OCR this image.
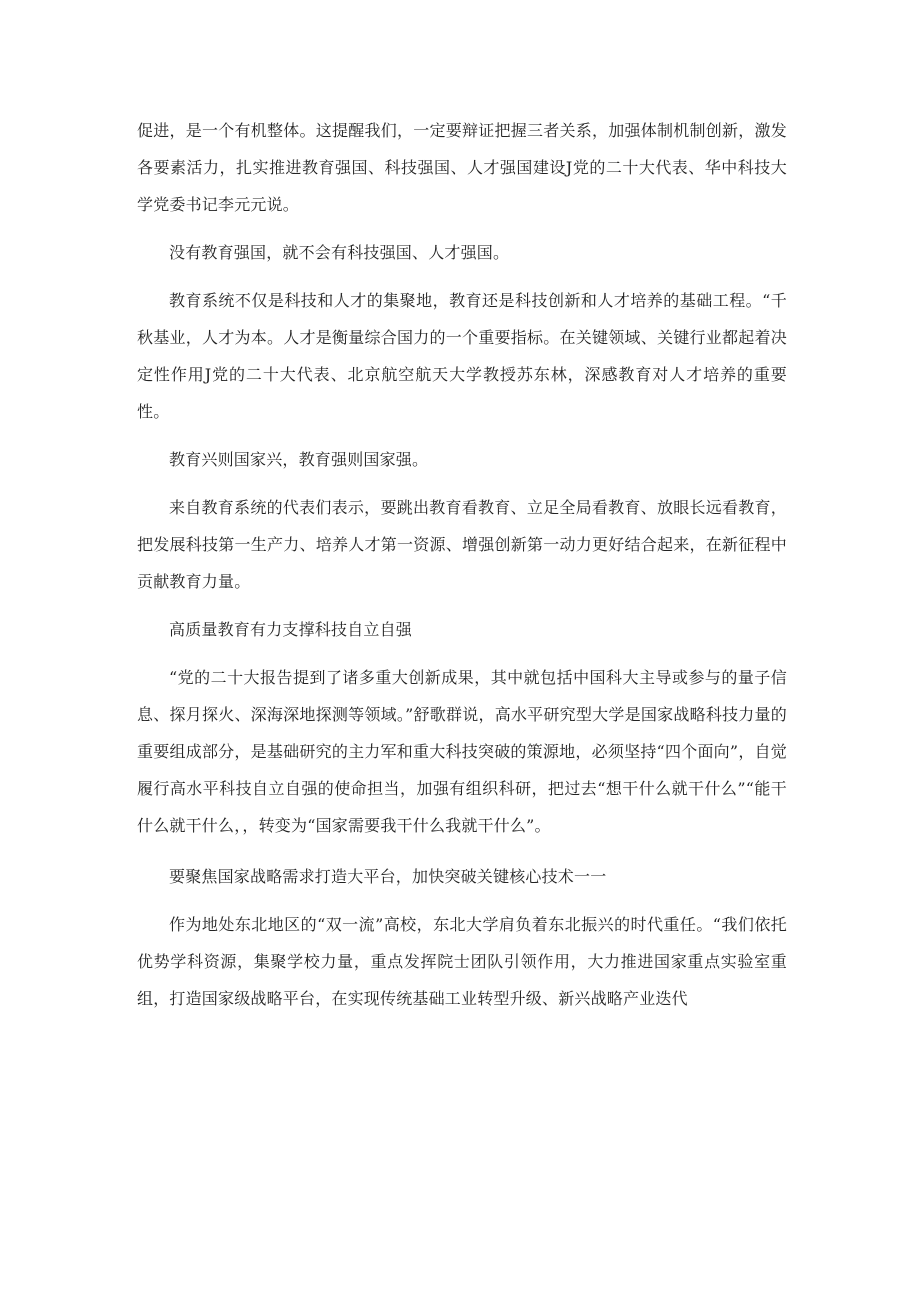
促进，是一个有机整体。这提醒我们，一定要辩证把握三者关系，加强体制机制创新，激发各要素活力，扎实推进教育强国、科技强国、人才强国建设J党的二十大代表、华中科技大学党委书记李元元说。

没有教育强国，就不会有科技强国、人才强国。

教育系统不仅是科技和人才的集聚地，教育还是科技创新和人才培养的基础工程。“千秋基业，人才为本。人才是衡量综合国力的一个重要指标。在关键领域、关键行业都起着决定性作用J党的二十大代表、北京航空航天大学教授苏东林，深感教育对人才培养的重要性。

教育兴则国家兴，教育强则国家强。

来自教育系统的代表们表示，要跳出教育看教育、立足全局看教育、放眼长远看教育，把发展科技第一生产力、培养人才第一资源、增强创新第一动力更好结合起来，在新征程中贡献教育力量。

高质量教育有力支撑科技自立自强

“党的二十大报告提到了诸多重大创新成果，其中就包括中国科大主导或参与的量子信息、探月探火、深海深地探测等领域。”舒歌群说，高水平研究型大学是国家战略科技力量的重要组成部分，是基础研究的主力军和重大科技突破的策源地，必须坚持“四个面向”，自觉履行高水平科技自立自强的使命担当，加强有组织科研，把过去“想干什么就干什么”“能干什么就干什么，，转变为“国家需要我干什么我就干什么”。

要聚焦国家战略需求打造大平台，加快突破关键核心技术一一

作为地处东北地区的“双一流”高校，东北大学肩负着东北振兴的时代重任。“我们依托优势学科资源，集聚学校力量，重点发挥院士团队引领作用，大力推进国家重点实验室重组，打造国家级战略平台，在实现传统基础工业转型升级、新兴战略产业迭代
